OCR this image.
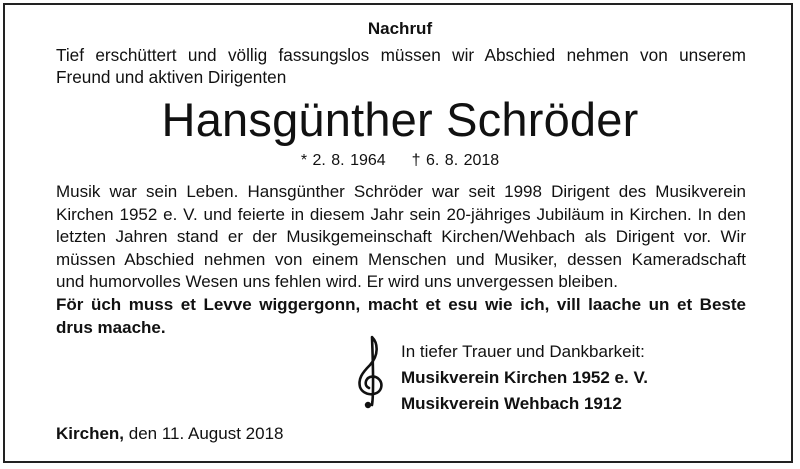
Nachruf
Tief erschüttert und völlig fassungslos müssen wir Abschied nehmen von unserem
Freund und aktiven Dirigenten
Hansgünther Schröder
* 2. 8. 1964 † 6. 8. 2018
Musik war sein Leben. Hansgünther Schröder war seit 1998 Dirigent des Musikverein
Kirchen 1952 e. V. und feierte in diesem Jahr sein 20-jähriges Jubiläum in Kirchen. In den
letzten Jahren stand er der Musikgemeinschaft Kirchen/Wehbach als Dirigent vor. Wir
müssen Abschied nehmen von einem Menschen und Musiker, dessen Kameradschaft
und humorvolles Wesen uns fehlen wird. Er wird uns unvergessen bleiben.
För üch muss et Levve wiggergonn, macht et esu wie ich, vill laache un et Beste
drus maache.
In tiefer Trauer und Dankbarkeit:
Musikverein Kirchen 1952 e. V.
Musikverein Wehbach 1912
Kirchen, den 11. August 2018
